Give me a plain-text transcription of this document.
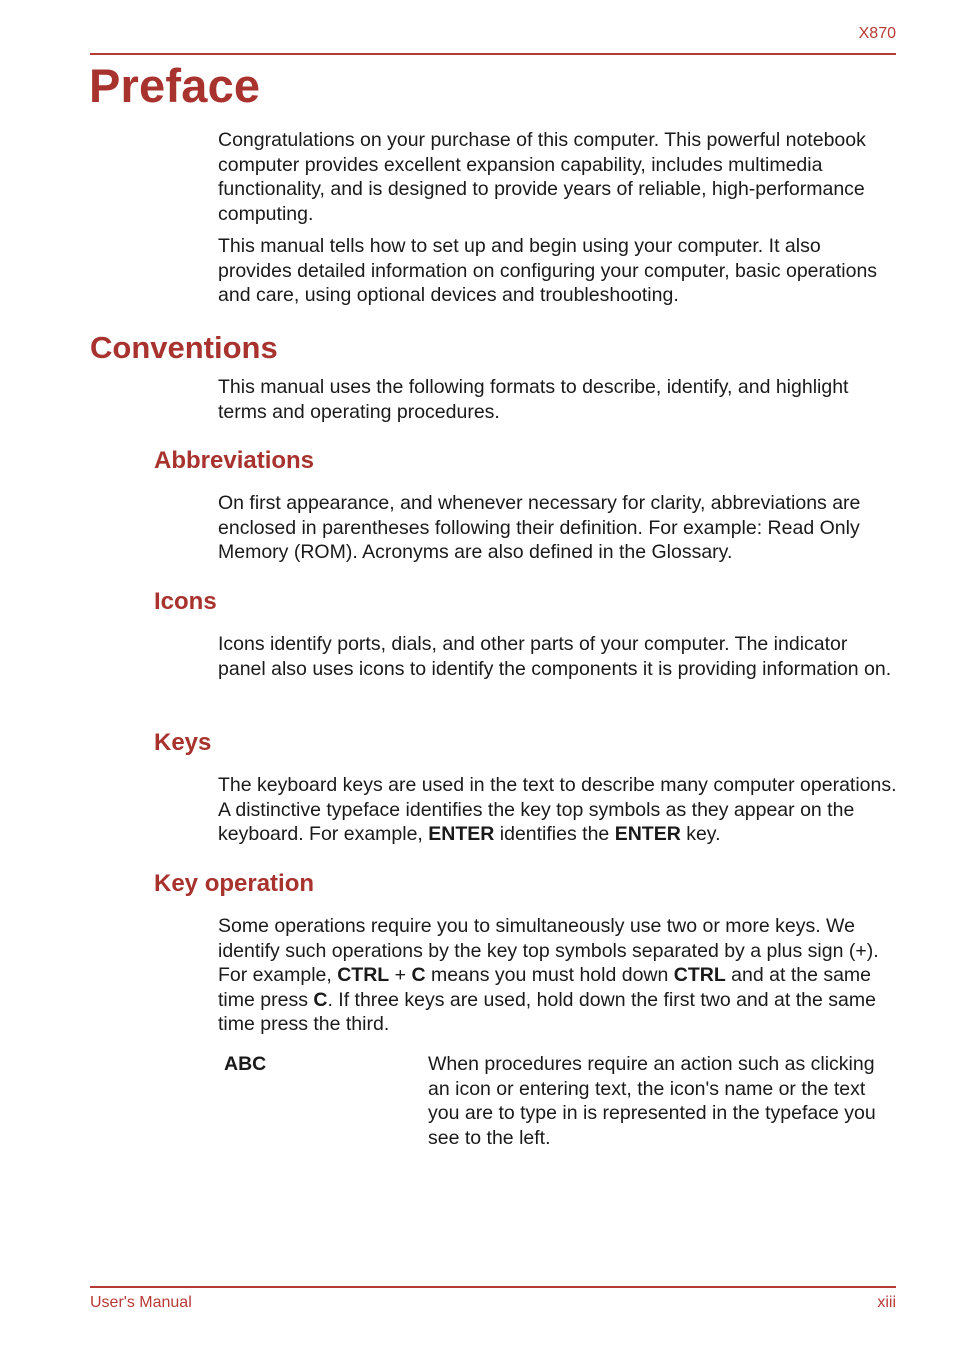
X870
Preface

Congratulations on your purchase of this computer. This powerful notebook computer provides excellent expansion capability, includes multimedia functionality, and is designed to provide years of reliable, high-performance computing.

This manual tells how to set up and begin using your computer. It also provides detailed information on configuring your computer, basic operations and care, using optional devices and troubleshooting.

Conventions

This manual uses the following formats to describe, identify, and highlight terms and operating procedures.

Abbreviations

On first appearance, and whenever necessary for clarity, abbreviations are enclosed in parentheses following their definition. For example: Read Only Memory (ROM). Acronyms are also defined in the Glossary.

Icons

Icons identify ports, dials, and other parts of your computer. The indicator panel also uses icons to identify the components it is providing information on.

Keys

The keyboard keys are used in the text to describe many computer operations. A distinctive typeface identifies the key top symbols as they appear on the keyboard. For example, ENTER identifies the ENTER key.

Key operation

Some operations require you to simultaneously use two or more keys. We identify such operations by the key top symbols separated by a plus sign (+). For example, CTRL + C means you must hold down CTRL and at the same time press C. If three keys are used, hold down the first two and at the same time press the third.

ABC	When procedures require an action such as clicking an icon or entering text, the icon's name or the text you are to type in is represented in the typeface you see to the left.

User's Manual	xiii
